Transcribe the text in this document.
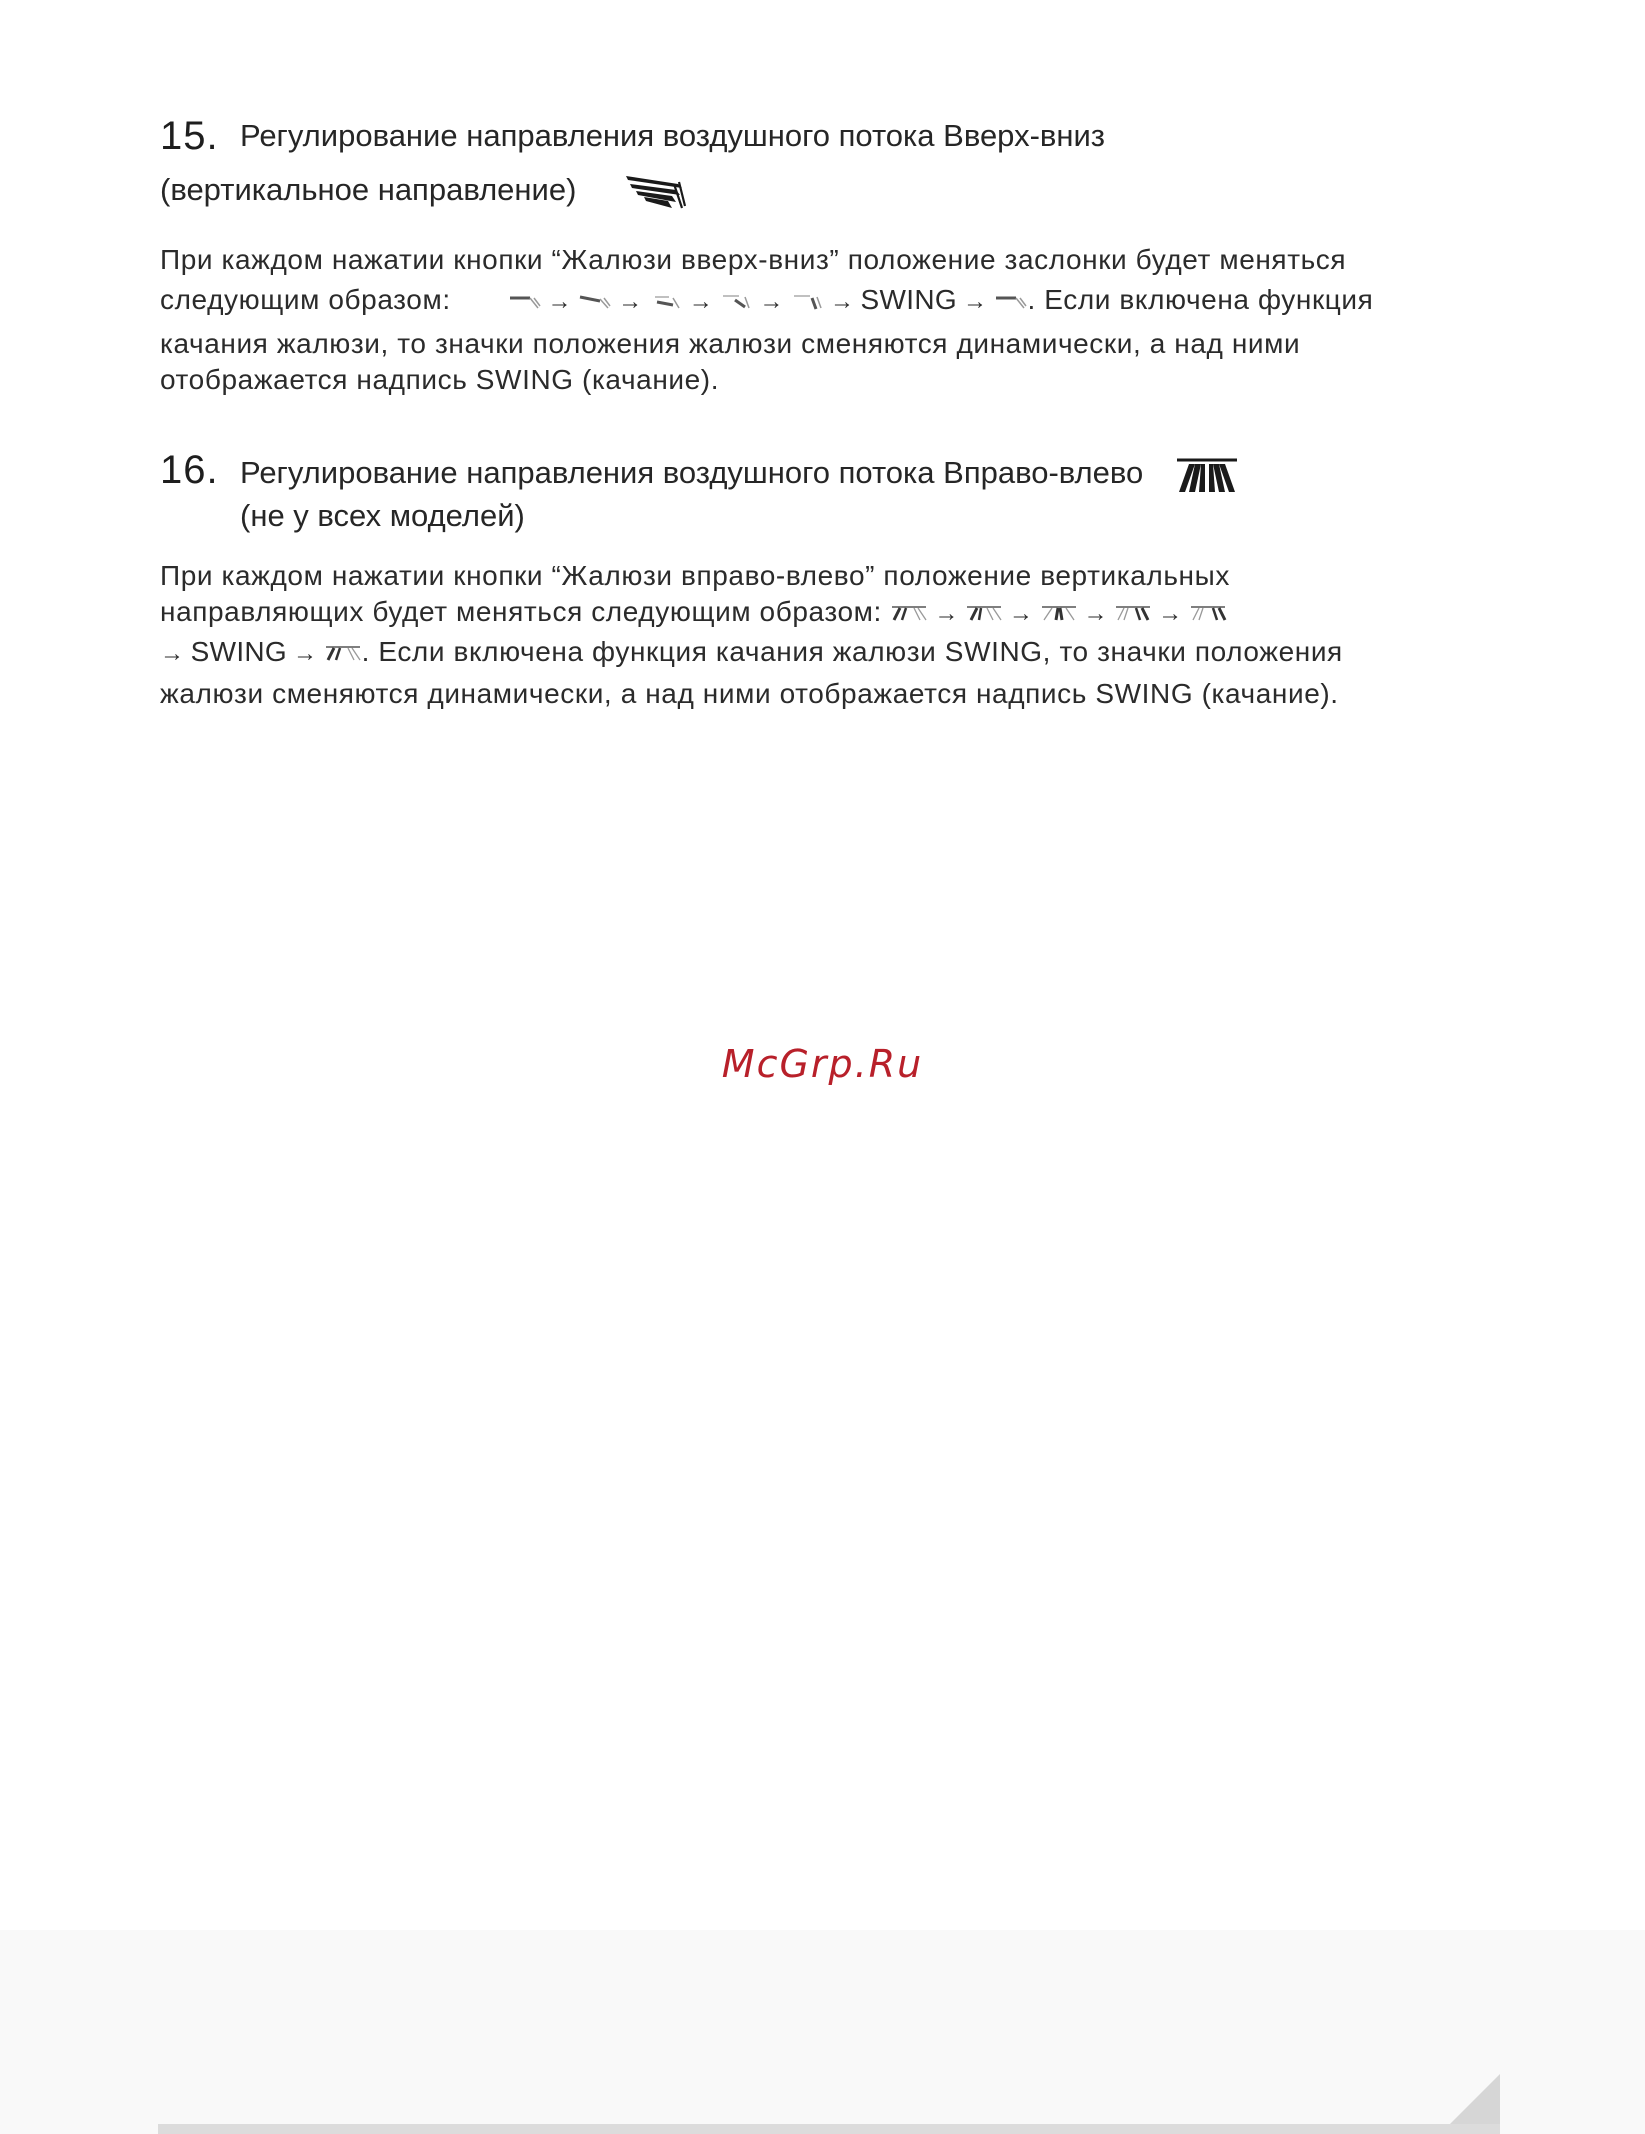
15. Регулирование направления воздушного потока Вверх-вниз
(вертикальное направление)
При каждом нажатии кнопки “Жалюзи вверх-вниз” положение заслонки будет меняться
следующим образом:	→ → → → → SWING → . Если включена функция
качания жалюзи, то значки положения жалюзи сменяются динамически, а над ними
отображается надпись SWING (качание).
16. Регулирование направления воздушного потока Вправо-влево
(не у всех моделей)
При каждом нажатии кнопки “Жалюзи вправо-влево” положение вертикальных
направляющих будет меняться следующим образом: → → → →
→ SWING → . Если включена функция качания жалюзи SWING, то значки положения
жалюзи сменяются динамически, а над ними отображается надпись SWING (качание).
McGrp.Ru
